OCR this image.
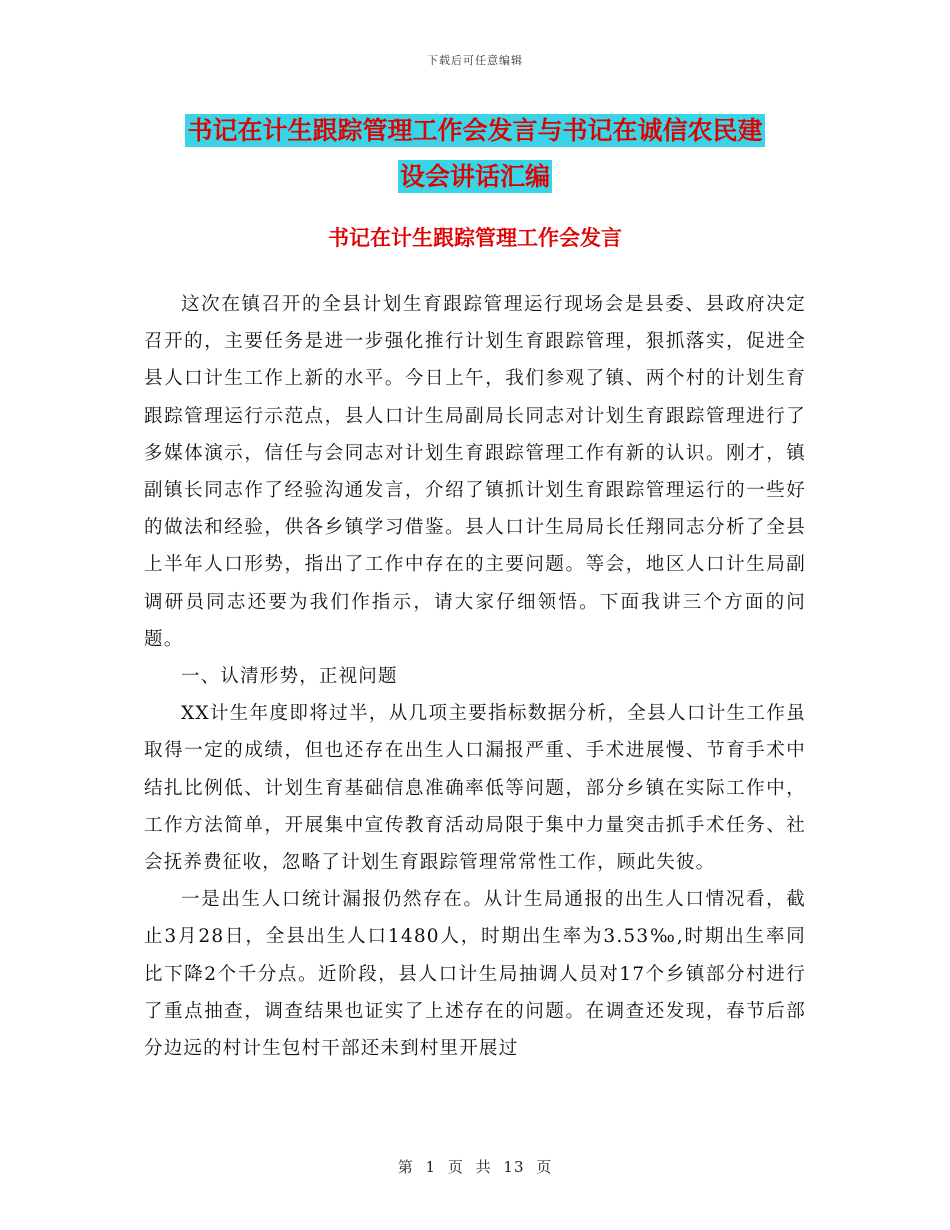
下载后可任意编辑
书记在计生跟踪管理工作会发言与书记在诚信农民建
设会讲话汇编
书记在计生跟踪管理工作会发言

这次在镇召开的全县计划生育跟踪管理运行现场会是县委、县政府决定召开的，主要任务是进一步强化推行计划生育跟踪管理，狠抓落实，促进全县人口计生工作上新的水平。今日上午，我们参观了镇、两个村的计划生育跟踪管理运行示范点，县人口计生局副局长同志对计划生育跟踪管理进行了多媒体演示，信任与会同志对计划生育跟踪管理工作有新的认识。刚才，镇副镇长同志作了经验沟通发言，介绍了镇抓计划生育跟踪管理运行的一些好的做法和经验，供各乡镇学习借鉴。县人口计生局局长任翔同志分析了全县上半年人口形势，指出了工作中存在的主要问题。等会，地区人口计生局副调研员同志还要为我们作指示，请大家仔细领悟。下面我讲三个方面的问题。

一、认清形势，正视问题

XX计生年度即将过半，从几项主要指标数据分析，全县人口计生工作虽取得一定的成绩，但也还存在出生人口漏报严重、手术进展慢、节育手术中结扎比例低、计划生育基础信息准确率低等问题，部分乡镇在实际工作中，工作方法简单，开展集中宣传教育活动局限于集中力量突击抓手术任务、社会抚养费征收，忽略了计划生育跟踪管理常常性工作，顾此失彼。

一是出生人口统计漏报仍然存在。从计生局通报的出生人口情况看，截止3月28日，全县出生人口1480人，时期出生率为3.53‰,时期出生率同比下降2个千分点。近阶段，县人口计生局抽调人员对17个乡镇部分村进行了重点抽查，调查结果也证实了上述存在的问题。在调查还发现，春节后部分边远的村计生包村干部还未到村里开展过

第 1 页 共 13 页
